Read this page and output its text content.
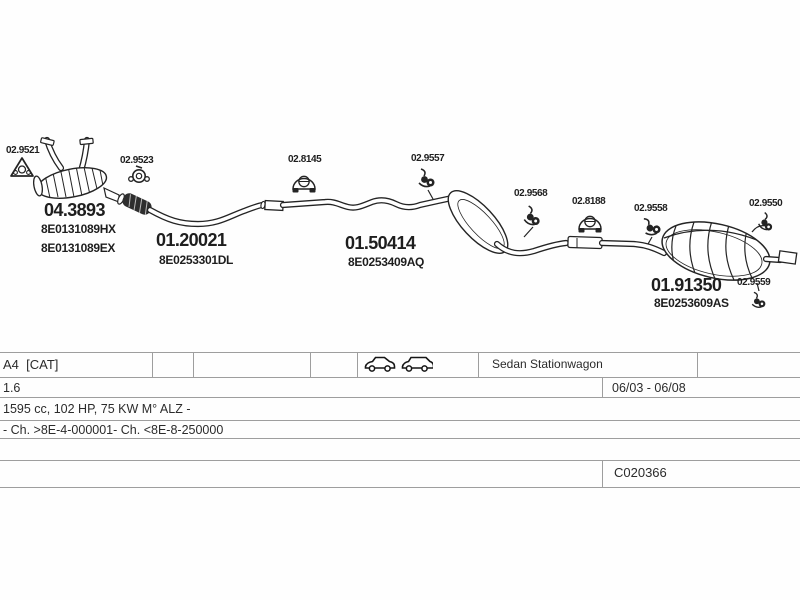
02.9521
04.3893
8E0131089HX
8E0131089EX
02.9523
01.20021
8E0253301DL
02.8145	02.9557
01.50414
8E0253409AQ
02.9568
02.8188
02.9558	02.9550
01.91350
8E0253609AS
02.9559
A4  [CAT]	Sedan Stationwagon
1.6	06/03 - 06/08
1595 cc, 102 HP, 75 KW M° ALZ -
- Ch. >8E-4-000001- Ch. <8E-8-250000
C020366
